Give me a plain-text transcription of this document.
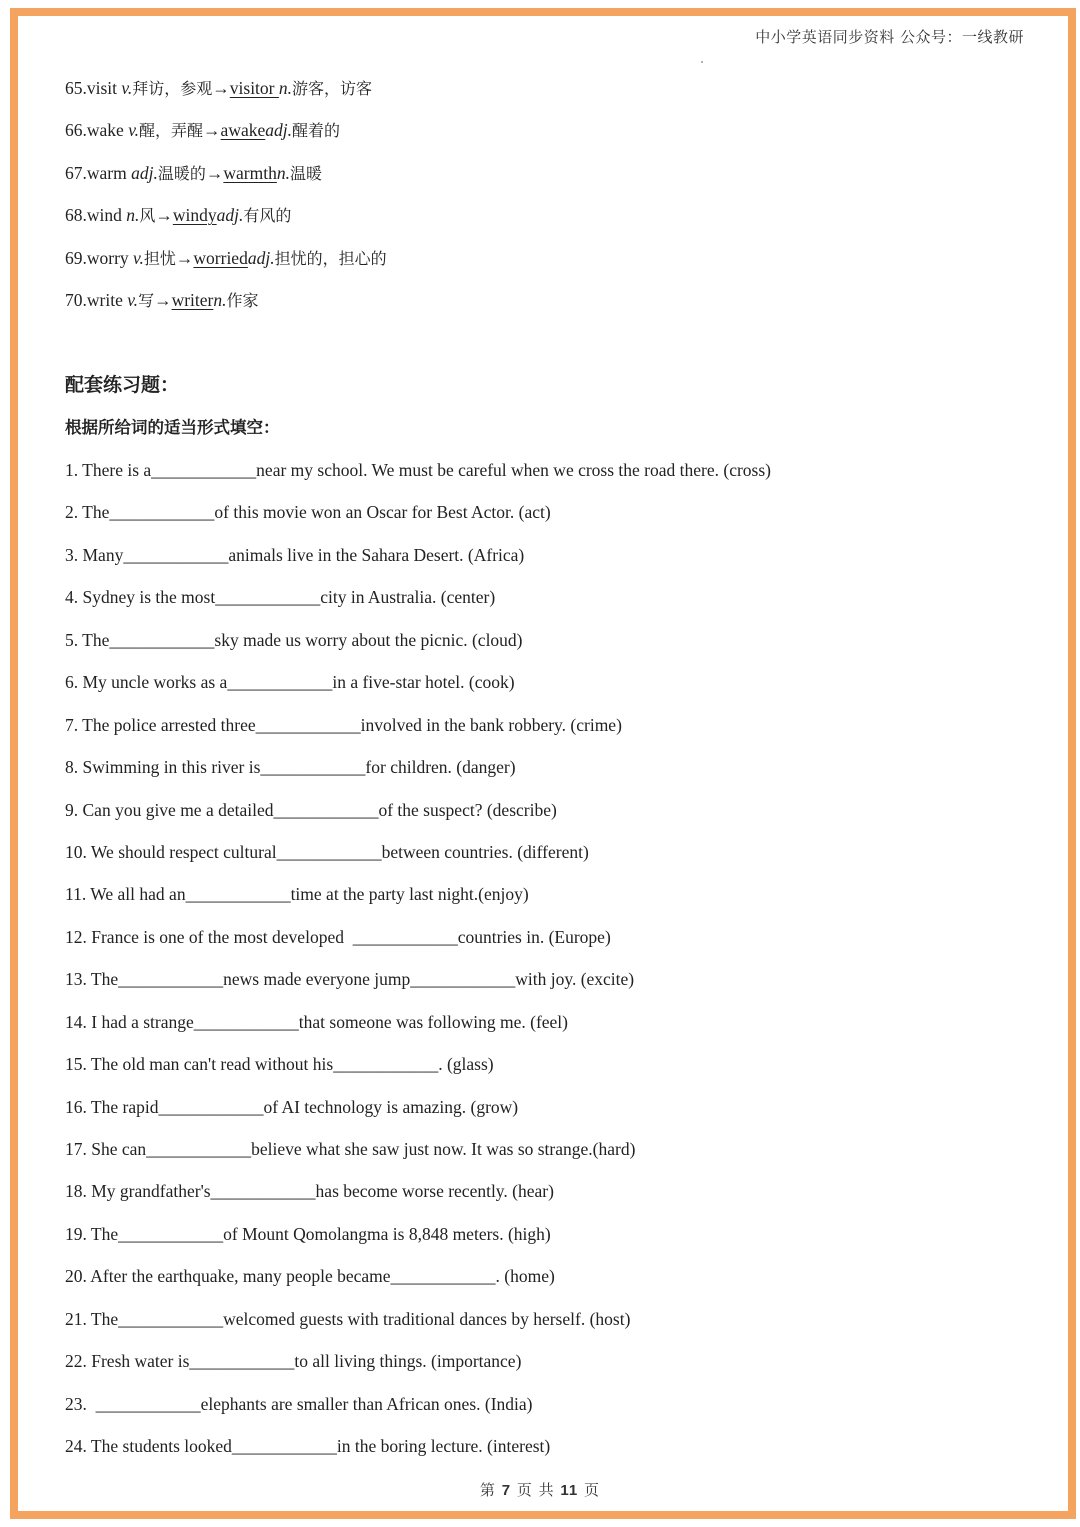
中小学英语同步资料 公众号：一线教研
65.visit v.拜访，参观→visitor n.游客，访客
66.wake v.醒，弄醒→awakeadj.醒着的
67.warm adj.温暖的→warmthn.温暖
68.wind n.风→windyadj.有风的
69.worry v.担忧→worriedadj.担忧的，担心的
70.write v.写→writern.作家
配套练习题：
根据所给词的适当形式填空：
1. There is a____________near my school. We must be careful when we cross the road there. (cross)
2. The____________of this movie won an Oscar for Best Actor. (act)
3. Many____________animals live in the Sahara Desert. (Africa)
4. Sydney is the most____________city in Australia. (center)
5. The____________sky made us worry about the picnic. (cloud)
6. My uncle works as a____________in a five-star hotel. (cook)
7. The police arrested three____________involved in the bank robbery. (crime)
8. Swimming in this river is____________for children. (danger)
9. Can you give me a detailed____________of the suspect? (describe)
10. We should respect cultural____________between countries. (different)
11. We all had an____________time at the party last night.(enjoy)
12. France is one of the most developed  ____________countries in. (Europe)
13. The____________news made everyone jump____________with joy. (excite)
14. I had a strange____________that someone was following me. (feel)
15. The old man can't read without his____________. (glass)
16. The rapid____________of AI technology is amazing. (grow)
17. She can____________believe what she saw just now. It was so strange.(hard)
18. My grandfather's____________has become worse recently. (hear)
19. The____________of Mount Qomolangma is 8,848 meters. (high)
20. After the earthquake, many people became____________. (home)
21. The____________welcomed guests with traditional dances by herself. (host)
22. Fresh water is____________to all living things. (importance)
23.  ____________elephants are smaller than African ones. (India)
24. The students looked____________in the boring lecture. (interest)
第 7 页 共 11 页
